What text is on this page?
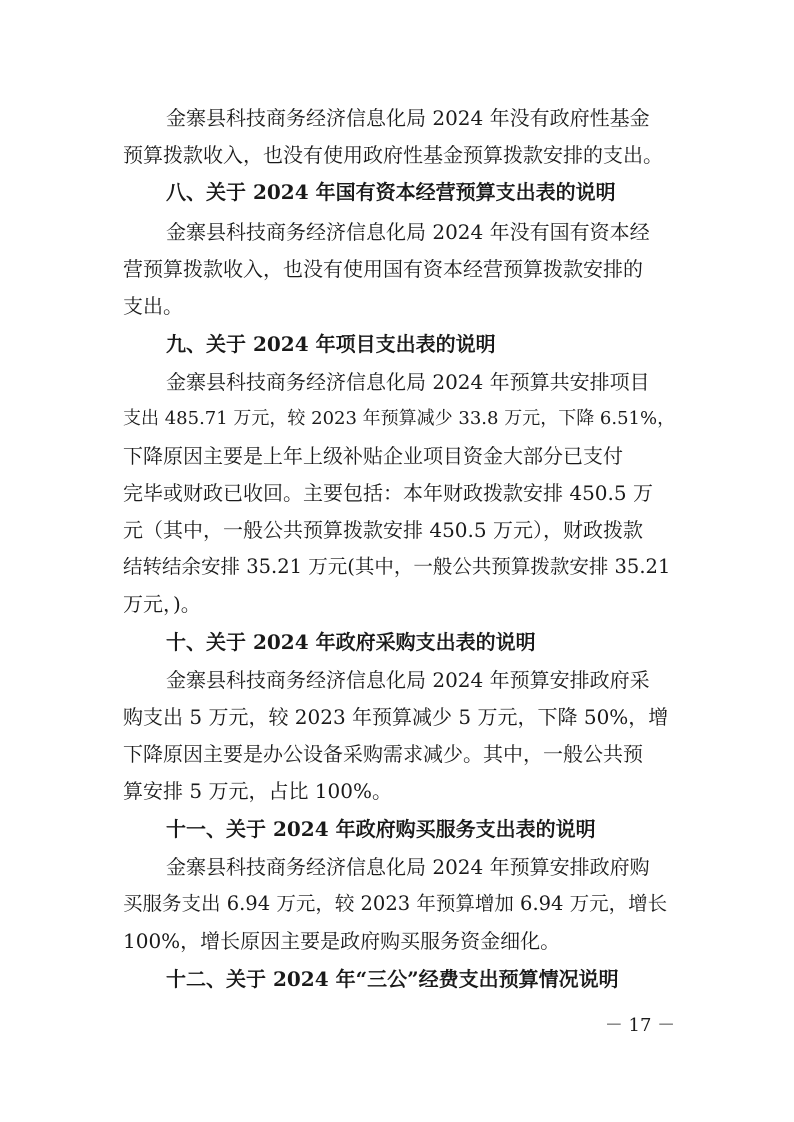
金寨县科技商务经济信息化局 2024 年没有政府性基金
预算拨款收入，也没有使用政府性基金预算拨款安排的支出。
八、关于 2024 年国有资本经营预算支出表的说明
金寨县科技商务经济信息化局 2024 年没有国有资本经
营预算拨款收入，也没有使用国有资本经营预算拨款安排的
支出。
九、关于 2024 年项目支出表的说明
金寨县科技商务经济信息化局 2024 年预算共安排项目
支出 485.71 万元，较 2023 年预算减少 33.8 万元，下降 6.51%，
下降原因主要是上年上级补贴企业项目资金大部分已支付
完毕或财政已收回。主要包括：本年财政拨款安排 450.5 万
元（其中，一般公共预算拨款安排 450.5 万元），财政拨款
结转结余安排 35.21 万元(其中，一般公共预算拨款安排 35.21
万元，)。
十、关于 2024 年政府采购支出表的说明
金寨县科技商务经济信息化局 2024 年预算安排政府采
购支出 5 万元，较 2023 年预算减少 5 万元，下降 50%，增
下降原因主要是办公设备采购需求减少。其中，一般公共预
算安排 5 万元，占比 100%。
十一、关于 2024 年政府购买服务支出表的说明
金寨县科技商务经济信息化局 2024 年预算安排政府购
买服务支出 6.94 万元，较 2023 年预算增加 6.94 万元，增长
100%，增长原因主要是政府购买服务资金细化。
十二、关于 2024 年“三公”经费支出预算情况说明
－ 17 －
